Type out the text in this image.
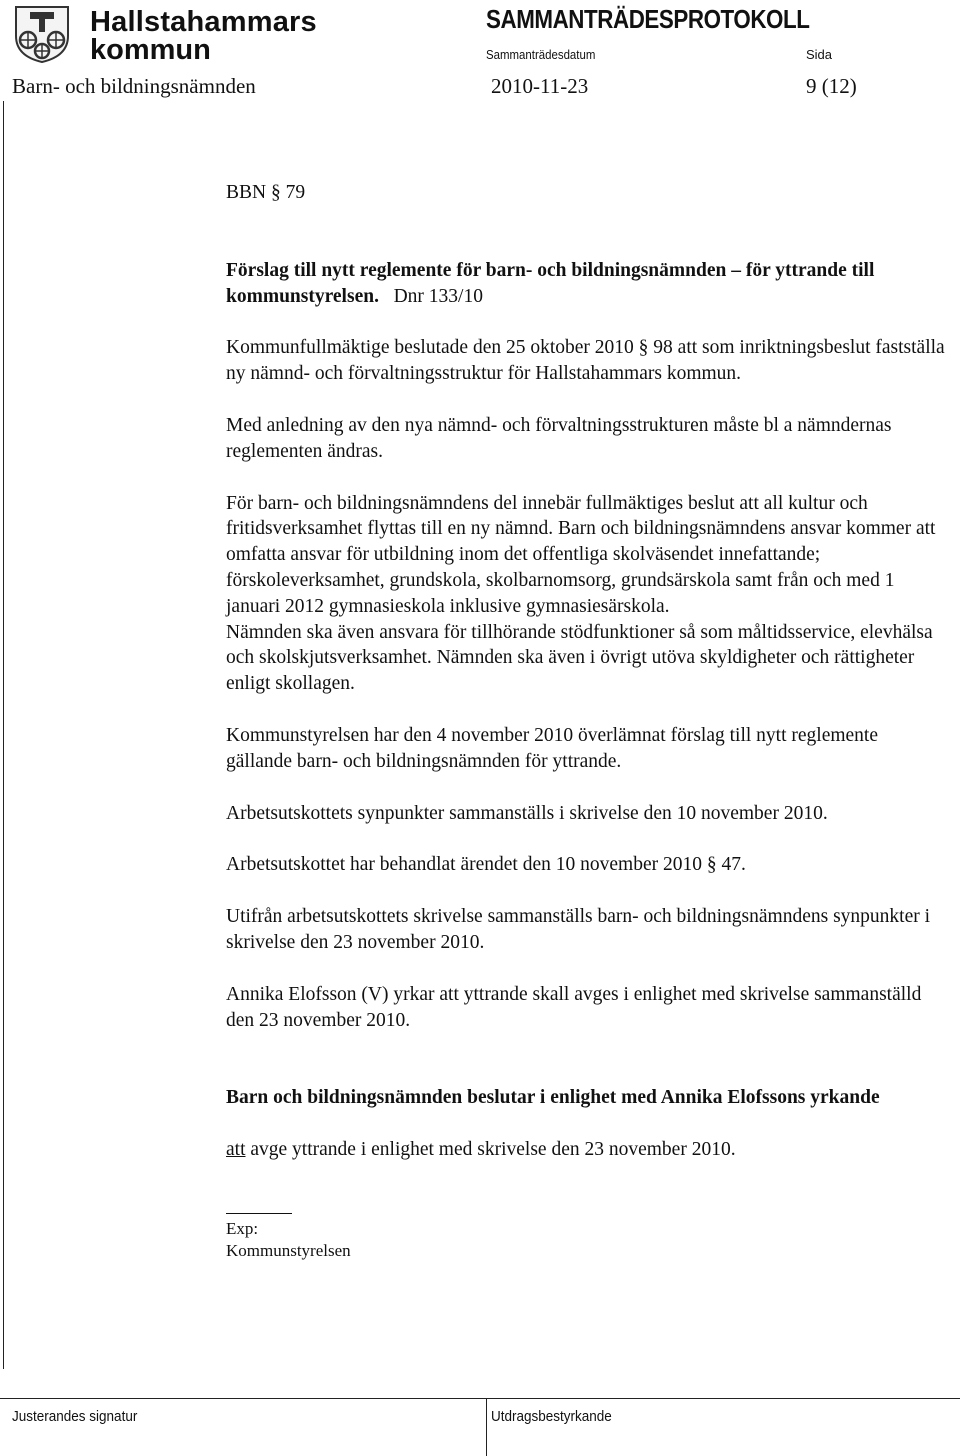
Hallstahammars
kommun
SAMMANTRÄDESPROTOKOLL
Sammanträdesdatum	Sida
Barn- och bildningsnämnden	2010-11-23	9 (12)

BBN § 79

Förslag till nytt reglemente för barn- och bildningsnämnden – för yttrande till kommunstyrelsen. Dnr 133/10

Kommunfullmäktige beslutade den 25 oktober 2010 § 98 att som inriktningsbeslut fastställa ny nämnd- och förvaltningsstruktur för Hallstahammars kommun.

Med anledning av den nya nämnd- och förvaltningsstrukturen måste bl a nämndernas reglementen ändras.

För barn- och bildningsnämndens del innebär fullmäktiges beslut att all kultur och fritidsverksamhet flyttas till en ny nämnd. Barn och bildningsnämndens ansvar kommer att omfatta ansvar för utbildning inom det offentliga skolväsendet innefattande; förskoleverksamhet, grundskola, skolbarnomsorg, grundsärskola samt från och med 1 januari 2012 gymnasieskola inklusive gymnasiesärskola.

Nämnden ska även ansvara för tillhörande stödfunktioner så som måltidsservice, elevhälsa och skolskjutsverksamhet. Nämnden ska även i övrigt utöva skyldigheter och rättigheter enligt skollagen.

Kommunstyrelsen har den 4 november 2010 överlämnat förslag till nytt reglemente gällande barn- och bildningsnämnden för yttrande.

Arbetsutskottets synpunkter sammanställs i skrivelse den 10 november 2010.

Arbetsutskottet har behandlat ärendet den 10 november 2010 § 47.

Utifrån arbetsutskottets skrivelse sammanställs barn- och bildningsnämndens synpunkter i skrivelse den 23 november 2010.

Annika Elofsson (V) yrkar att yttrande skall avges i enlighet med skrivelse sammanställd den 23 november 2010.

Barn och bildningsnämnden beslutar i enlighet med Annika Elofssons yrkande

att avge yttrande i enlighet med skrivelse den 23 november 2010.

Exp:

Kommunstyrelsen

Justerandes signatur	Utdragsbestyrkande
